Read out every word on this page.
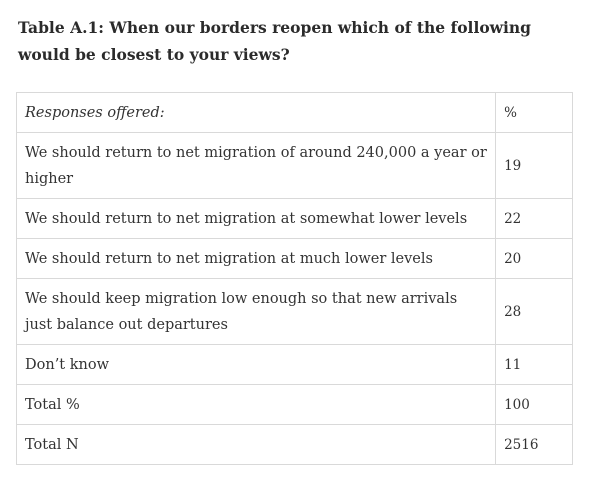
Table A.1: When our borders reopen which of the following would be closest to your views?

Responses offered:	%
We should return to net migration of around 240,000 a year or higher	19
We should return to net migration at somewhat lower levels	22
We should return to net migration at much lower levels	20
We should keep migration low enough so that new arrivals just balance out departures	28
Don’t know	11
Total %	100
Total N	2516
